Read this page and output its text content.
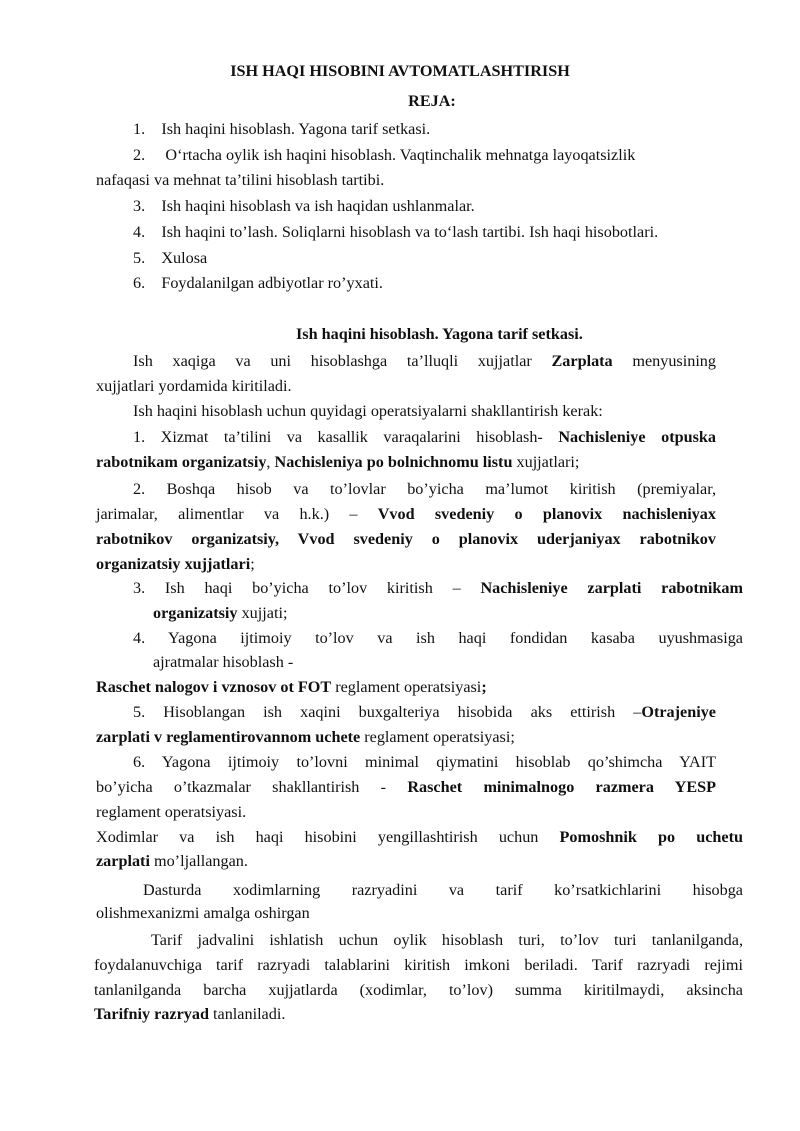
ISH HAQI HISOBINI AVTOMATLASHTIRISH
REJA:
1. Ish haqini hisoblash. Yagona tarif setkasi.
2. O‘rtacha oylik ish haqini hisoblash. Vaqtinchalik mehnatga layoqatsizlik
nafaqasi va mehnat ta’tilini hisoblash tartibi.
3. Ish haqini hisoblash va ish haqidan ushlanmalar.
4. Ish haqini to’lash. Soliqlarni hisoblash va to‘lash tartibi. Ish haqi hisobotlari.
5. Xulosa
6. Foydalanilgan adbiyotlar ro’yxati.
Ish haqini hisoblash. Yagona tarif setkasi.
Ish xaqiga va uni hisoblashga ta’lluqli xujjatlar Zarplata menyusining
xujjatlari yordamida kiritiladi.
Ish haqini hisoblash uchun quyidagi operatsiyalarni shakllantirish kerak:
1. Xizmat ta’tilini va kasallik varaqalarini hisoblash- Nachisleniye otpuska
rabotnikam organizatsiy, Nachisleniya po bolnichnomu listu xujjatlari;
2. Boshqa hisob va to’lovlar bo’yicha ma’lumot kiritish (premiyalar,
jarimalar, alimentlar va h.k.) – Vvod svedeniy o planovix nachisleniyax
rabotnikov organizatsiy, Vvod svedeniy o planovix uderjaniyax rabotnikov
organizatsiy xujjatlari;
3. Ish haqi bo’yicha to’lov kiritish – Nachisleniye zarplati rabotnikam
organizatsiy xujjati;
4. Yagona ijtimoiy to’lov va ish haqi fondidan kasaba uyushmasiga
ajratmalar hisoblash -
Raschet nalogov i vznosov ot FOT reglament operatsiyasi;
5. Hisoblangan ish xaqini buxgalteriya hisobida aks ettirish –Otrajeniye
zarplati v reglamentirovannom uchete reglament operatsiyasi;
6. Yagona ijtimoiy to’lovni minimal qiymatini hisoblab qo’shimcha YAIT
bo’yicha o’tkazmalar shakllantirish - Raschet minimalnogo razmera YESP
reglament operatsiyasi.
Xodimlar va ish haqi hisobini yengillashtirish uchun Pomoshnik po uchetu
zarplati mo’ljallangan.
Dasturda xodimlarning razryadini va tarif ko’rsatkichlarini hisobga
olishmexanizmi amalga oshirgan
Tarif jadvalini ishlatish uchun oylik hisoblash turi, to’lov turi tanlanilganda,
foydalanuvchiga tarif razryadi talablarini kiritish imkoni beriladi. Tarif razryadi rejimi
tanlanilganda barcha xujjatlarda (xodimlar, to’lov) summa kiritilmaydi, aksincha
Tarifniy razryad tanlaniladi.
